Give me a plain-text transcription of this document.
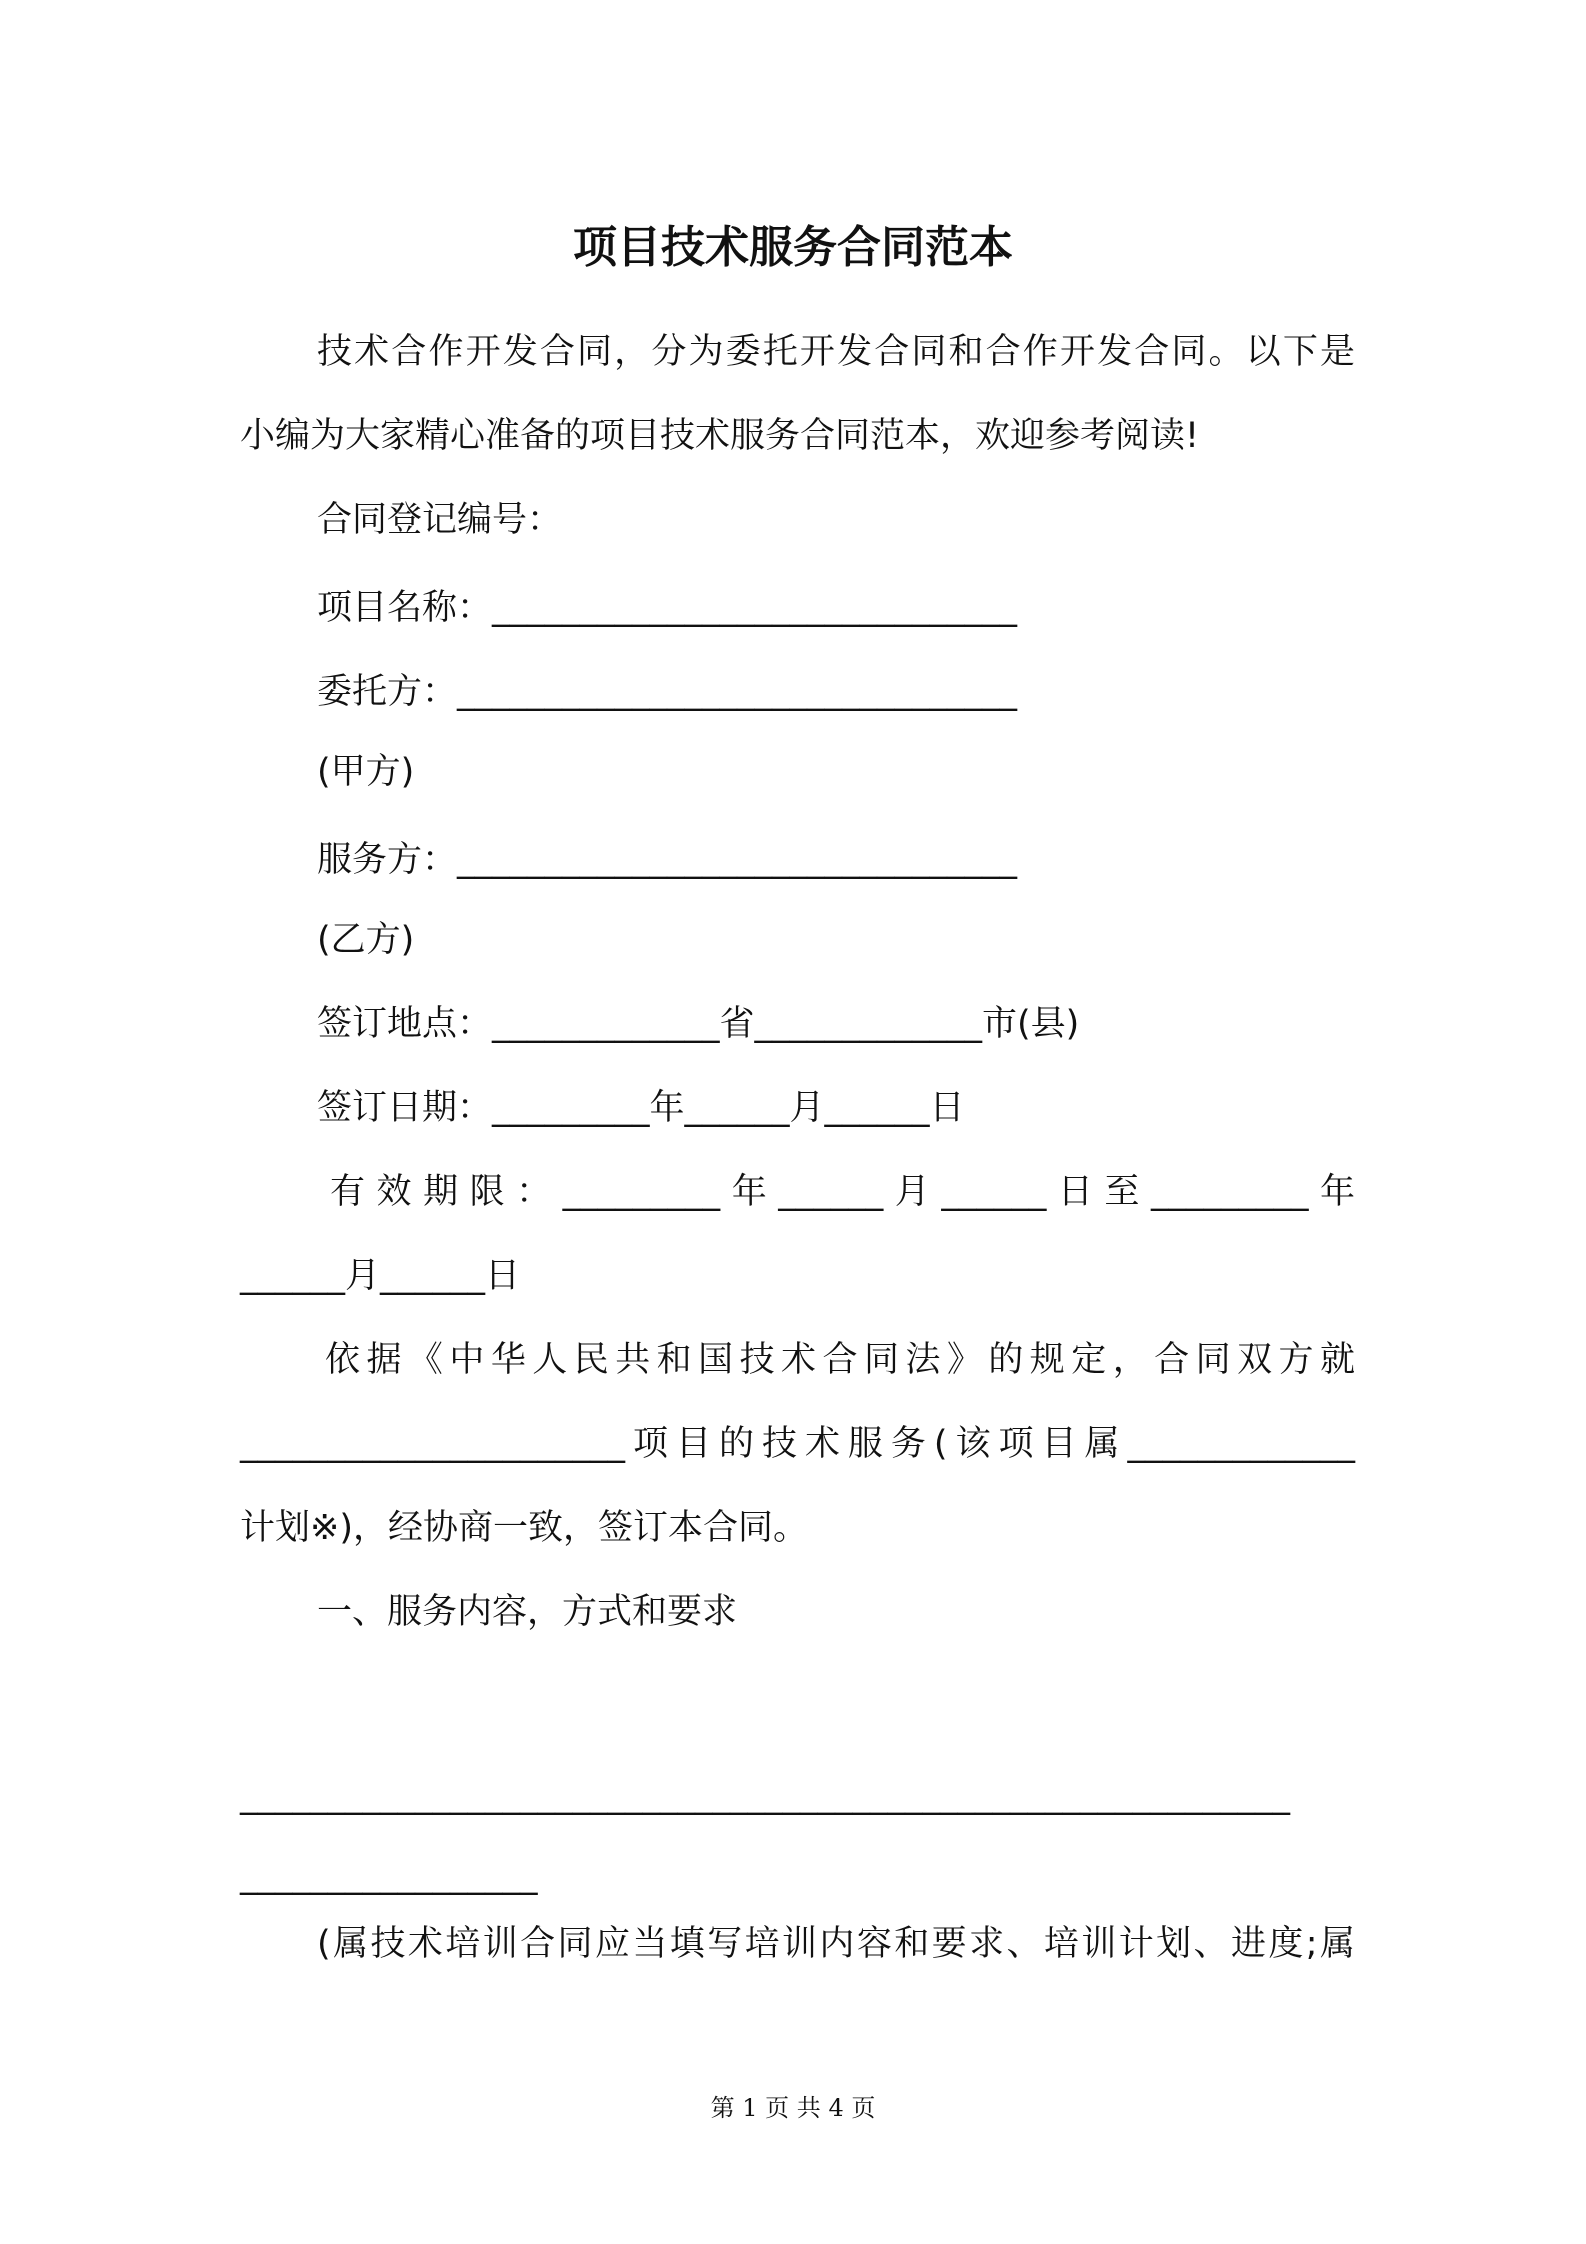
项目技术服务合同范本
技术合作开发合同，分为委托开发合同和合作开发合同。以下是
小编为大家精心准备的项目技术服务合同范本，欢迎参考阅读!
合同登记编号：
项目名称：______________________________
委托方：________________________________
(甲方)
服务方：________________________________
(乙方)
签订地点：_____________省_____________市(县)
签订日期：_________年______月______日
有效期限：_________年______月______日至_________年
______月______日
依据《中华人民共和国技术合同法》的规定，合同双方就
______________________项目的技术服务(该项目属_____________
计划※)，经协商一致，签订本合同。
一、服务内容，方式和要求
____________________________________________________________
_________________
(属技术培训合同应当填写培训内容和要求、培训计划、进度;属
第 1 页 共 4 页
